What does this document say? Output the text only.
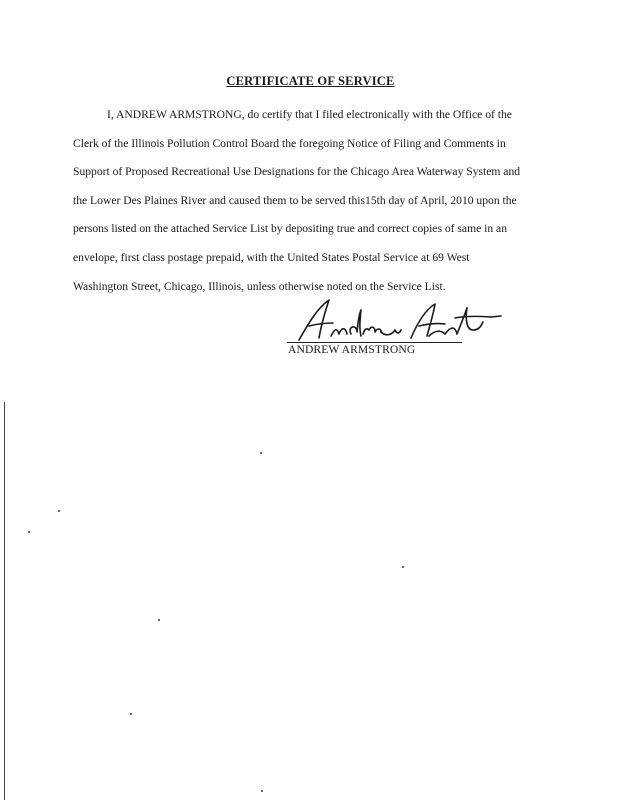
CERTIFICATE OF SERVICE
I, ANDREW ARMSTRONG, do certify that I filed electronically with the Office of the
Clerk of the Illinois Pollution Control Board the foregoing Notice of Filing and Comments in
Support of Proposed Recreational Use Designations for the Chicago Area Waterway System and
the Lower Des Plaines River and caused them to be served this15th day of April, 2010 upon the
persons listed on the attached Service List by depositing true and correct copies of same in an
envelope, first class postage prepaid, with the United States Postal Service at 69 West
Washington Street, Chicago, Illinois, unless otherwise noted on the Service List.
ANDREW ARMSTRONG
